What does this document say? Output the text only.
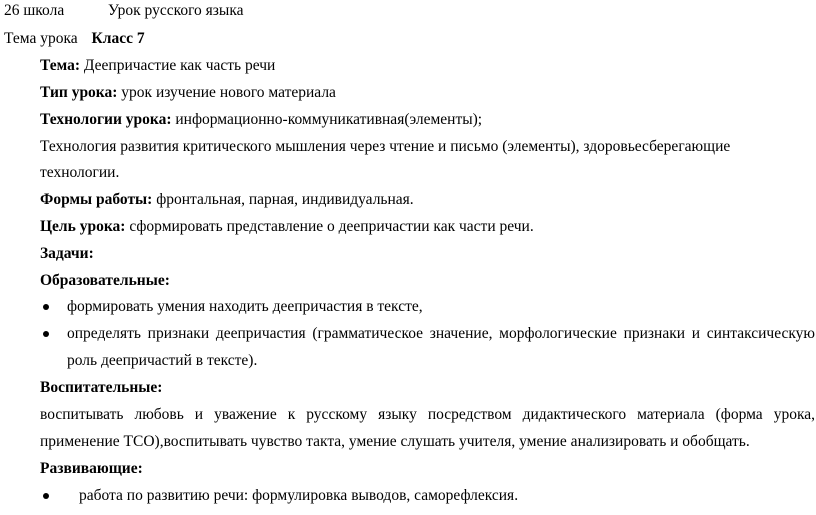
26 школа	Урок русского языка
Тема урока Класс 7
Тема: Деепричастие как часть речи
Тип урока: урок изучение нового материала
Технологии урока: информационно-коммуникативная(элементы);
Технология развития критического мышления через чтение и письмо (элементы), здоровьесберегающие
технологии.
Формы работы: фронтальная, парная, индивидуальная.
Цель урока: сформировать представление о деепричастии как части речи.
Задачи:
Образовательные:
формировать умения находить деепричастия в тексте,
определять признаки деепричастия (грамматическое значение, морфологические признаки и синтаксическую
роль деепричастий в тексте).
Воспитательные:
воспитывать любовь и уважение к русскому языку посредством дидактического материала (форма урока,
применение ТСО),воспитывать чувство такта, умение слушать учителя, умение анализировать и обобщать.
Развивающие:
работа по развитию речи: формулировка выводов, саморефлексия.
